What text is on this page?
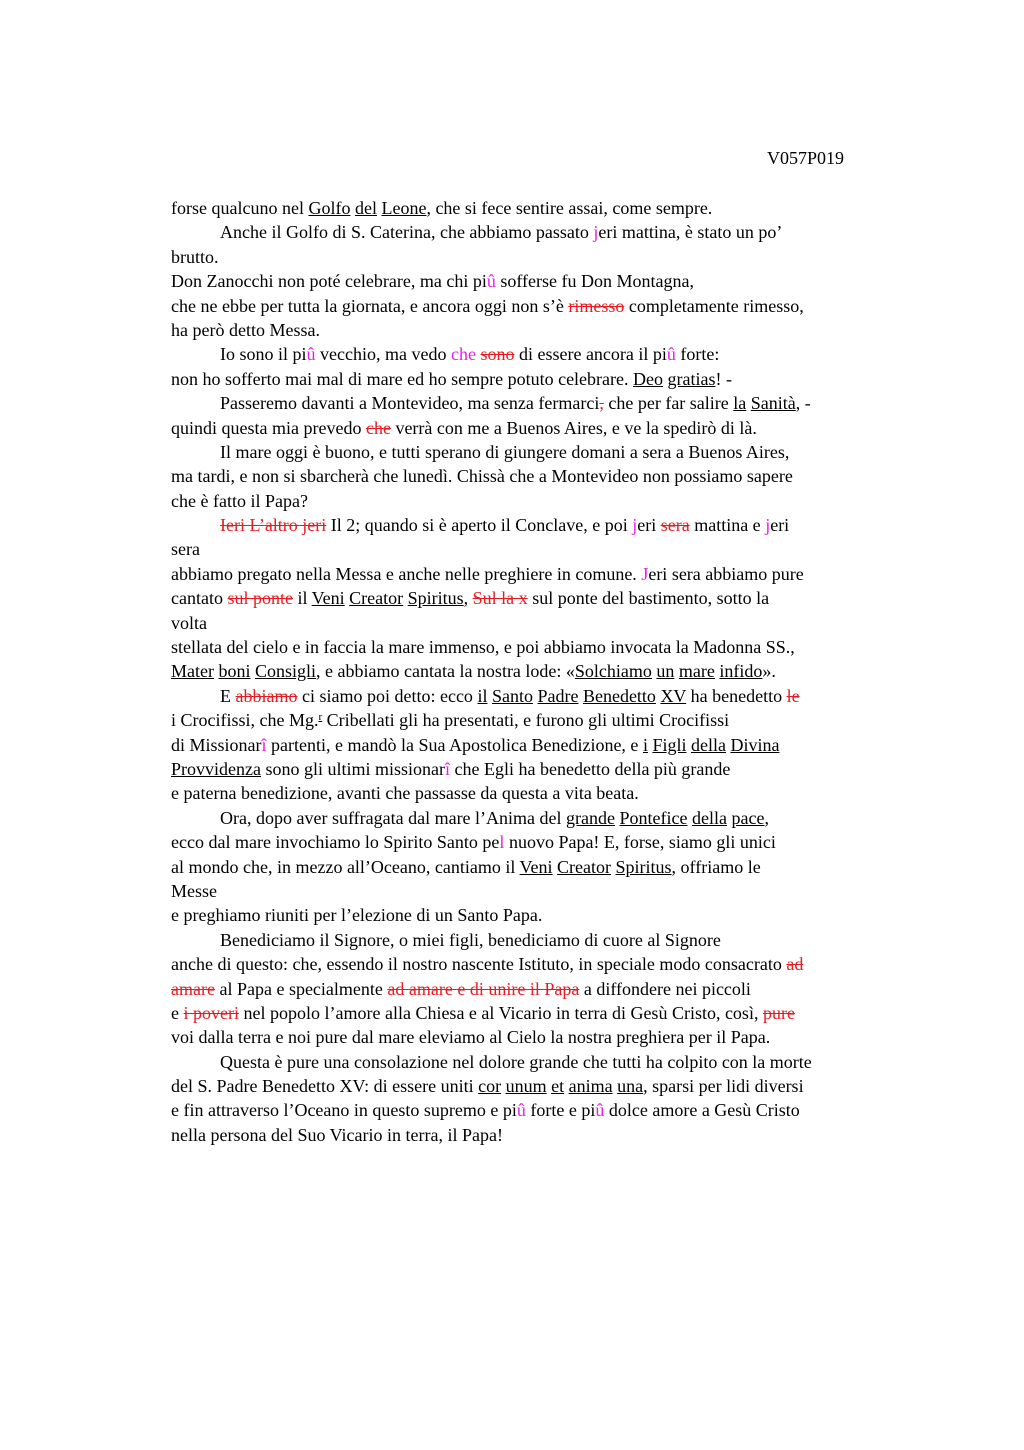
V057P019
forse qualcuno nel Golfo del Leone, che si fece sentire assai, come sempre.
Anche il Golfo di S. Caterina, che abbiamo passato jeri mattina, è stato un po’
brutto.
Don Zanocchi non poté celebrare, ma chi piû sofferse fu Don Montagna,
che ne ebbe per tutta la giornata, e ancora oggi non s’è rimesso completamente rimesso,
ha però detto Messa.
Io sono il piû vecchio, ma vedo che sono di essere ancora il piû forte:
non ho sofferto mai mal di mare ed ho sempre potuto celebrare. Deo gratias! -
Passeremo davanti a Montevideo, ma senza fermarci, che per far salire la Sanità, -
quindi questa mia prevedo che verrà con me a Buenos Aires, e ve la spedirò di là.
Il mare oggi è buono, e tutti sperano di giungere domani a sera a Buenos Aires,
ma tardi, e non si sbarcherà che lunedì. Chissà che a Montevideo non possiamo sapere
che è fatto il Papa?
Ieri L’altro jeri Il 2; quando si è aperto il Conclave, e poi jeri sera mattina e jeri
sera
abbiamo pregato nella Messa e anche nelle preghiere in comune. Jeri sera abbiamo pure
cantato sul ponte il Veni Creator Spiritus, Sul la x sul ponte del bastimento, sotto la
volta
stellata del cielo e in faccia la mare immenso, e poi abbiamo invocata la Madonna SS.,
Mater boni Consigli, e abbiamo cantata la nostra lode: «Solchiamo un mare infido».
E abbiamo ci siamo poi detto: ecco il Santo Padre Benedetto XV ha benedetto le
i Crocifissi, che Mg.$^r$ Cribellati gli ha presentati, e furono gli ultimi Crocifissi
di Missionarî partenti, e mandò la Sua Apostolica Benedizione, e i Figli della Divina
Provvidenza sono gli ultimi missionarî che Egli ha benedetto della più grande
e paterna benedizione, avanti che passasse da questa a vita beata.
Ora, dopo aver suffragata dal mare l’Anima del grande Pontefice della pace,
ecco dal mare invochiamo lo Spirito Santo pel nuovo Papa! E, forse, siamo gli unici
al mondo che, in mezzo all’Oceano, cantiamo il Veni Creator Spiritus, offriamo le
Messe
e preghiamo riuniti per l’elezione di un Santo Papa.
Benediciamo il Signore, o miei figli, benediciamo di cuore al Signore
anche di questo: che, essendo il nostro nascente Istituto, in speciale modo consacrato ad
amare al Papa e specialmente ad amare e di unire il Papa a diffondere nei piccoli
e i poveri nel popolo l’amore alla Chiesa e al Vicario in terra di Gesù Cristo, così, pure
voi dalla terra e noi pure dal mare eleviamo al Cielo la nostra preghiera per il Papa.
Questa è pure una consolazione nel dolore grande che tutti ha colpito con la morte
del S. Padre Benedetto XV: di essere uniti cor unum et anima una, sparsi per lidi diversi
e fin attraverso l’Oceano in questo supremo e piû forte e piû dolce amore a Gesù Cristo
nella persona del Suo Vicario in terra, il Papa!
